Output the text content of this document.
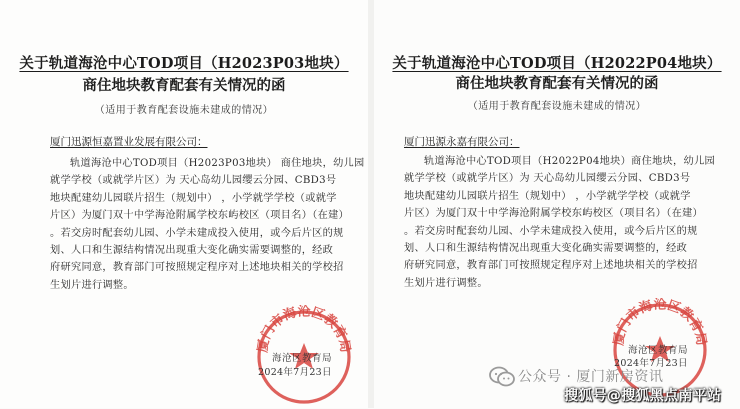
关于轨道海沧中心TOD项目（H2023P03地块）
商住地块教育配套有关情况的函
（适用于教育配套设施未建成的情况）
厦门迅源恒嘉置业发展有限公司：
轨道海沧中心TOD项目（H2023P03地块） 商住地块，幼儿园
就学学校（或就学片区）为 天心岛幼儿园缨云分园、CBD3号
地块配建幼儿园联片招生（规划中） ，小学就学学校（或就学
片区）为厦门双十中学海沧附属学校东屿校区（项目名）（在建）
。若交房时配套幼儿园、小学未建成投入使用，或今后片区的规
划、人口和生源结构情况出现重大变化确实需要调整的，经政
府研究同意，教育部门可按照规定程序对上述地块相关的学校招
生划片进行调整。
厦门市海沧区教育局
海沧区教育局
2024年7月23日
关于轨道海沧中心TOD项目（H2022P04地块）
商住地块教育配套有关情况的函
（适用于教育配套设施未建成的情况）
厦门迅源永嘉有限公司：
轨道海沧中心TOD项目（H2022P04地块）商住地块，幼儿园
就学学校（或就学片区）为 天心岛幼儿园缨云分园、CBD3号
地块配建幼儿园联片招生（规划中） ，小学就学学校（或就学
片区）为厦门双十中学海沧附属学校东屿校区（项目名）（在建）
。若交房时配套幼儿园、小学未建成投入使用，或今后片区的规
划、人口和生源结构情况出现重大变化确实需要调整的，经政
府研究同意，教育部门可按照规定程序对上述地块相关的学校招
生划片进行调整。
厦门市海沧区教育局
海沧区教育局
2024年7月23日
公众号 · 厦门新房资讯
搜狐号@搜狐黑点南平站
